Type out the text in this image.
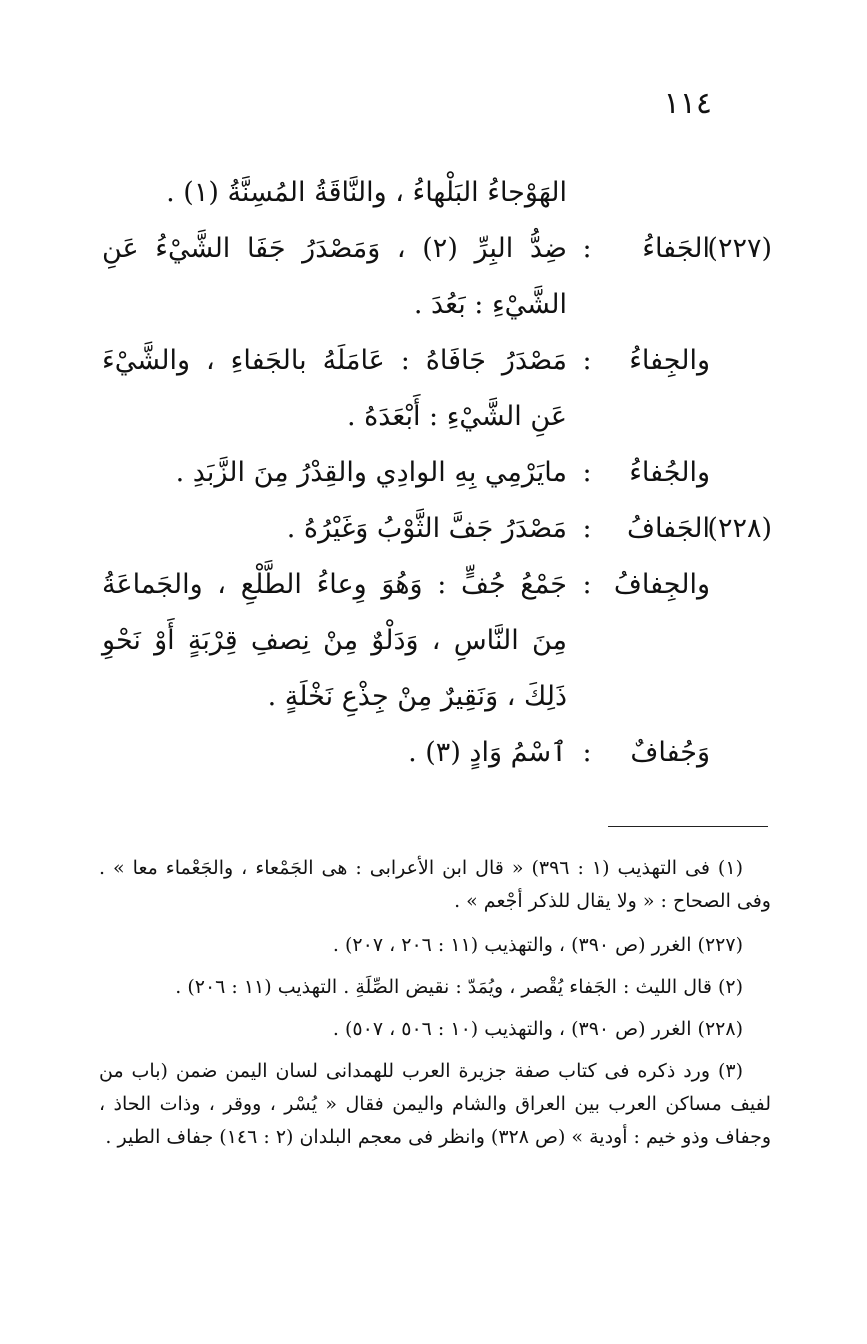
١١٤
الهَوْجاءُ البَلْهاءُ ، والنَّاقَةُ المُسِنَّةُ (١) .
(٢٢٧)
الجَفاءُ
:
ضِدُّ البِرِّ (٢) ، وَمَصْدَرُ جَفَا الشَّيْءُ عَنِ الشَّيْءِ : بَعُدَ .
والجِفاءُ
:
مَصْدَرُ جَافَاهُ : عَامَلَهُ بالجَفاءِ ، والشَّيْءَ عَنِ الشَّيْءِ : أَبْعَدَهُ .
والجُفاءُ
:
مايَرْمِي بِهِ الوادِي والقِدْرُ مِنَ الزَّبَدِ .
(٢٢٨)
الجَفافُ
:
مَصْدَرُ جَفَّ الثَّوْبُ وَغَيْرُهُ .
والجِفافُ
:
جَمْعُ جُفٍّ : وَهُوَ وِعاءُ الطَّلْعِ ، والجَماعَةُ مِنَ النَّاسِ ، وَدَلْوٌ مِنْ نِصفِ قِرْبَةٍ أَوْ نَحْوِ ذَلِكَ ، وَنَقِيرٌ مِنْ جِذْعِ نَخْلَةٍ .
وَجُفافٌ
:
ٱسْمُ وَادٍ (٣) .

(١) فى التهذيب (١ : ٣٩٦) « قال ابن الأعرابى : هى الجَمْعاء ، والجَعْماء معا » . وفى الصحاح : « ولا يقال للذكر أجْعم » .

(٢٢٧) الغرر (ص ٣٩٠) ، والتهذيب (١١ : ٢٠٦ ، ٢٠٧) .

(٢) قال الليث : الجَفاء يُقْصر ، ويُمَدّ : نقيض الصِّلَةِ . التهذيب (١١ : ٢٠٦) .

(٢٢٨) الغرر (ص ٣٩٠) ، والتهذيب (١٠ : ٥٠٦ ، ٥٠٧) .

(٣) ورد ذكره فى كتاب صفة جزيرة العرب للهمدانى لسان اليمن ضمن (باب من لفيف مساكن العرب بين العراق والشام واليمن فقال « يُسْر ، ووقر ، وذات الحاذ ، وجفاف وذو خيم : أودية » (ص ٣٢٨) وانظر فى معجم البلدان (٢ : ١٤٦) جفاف الطير .
